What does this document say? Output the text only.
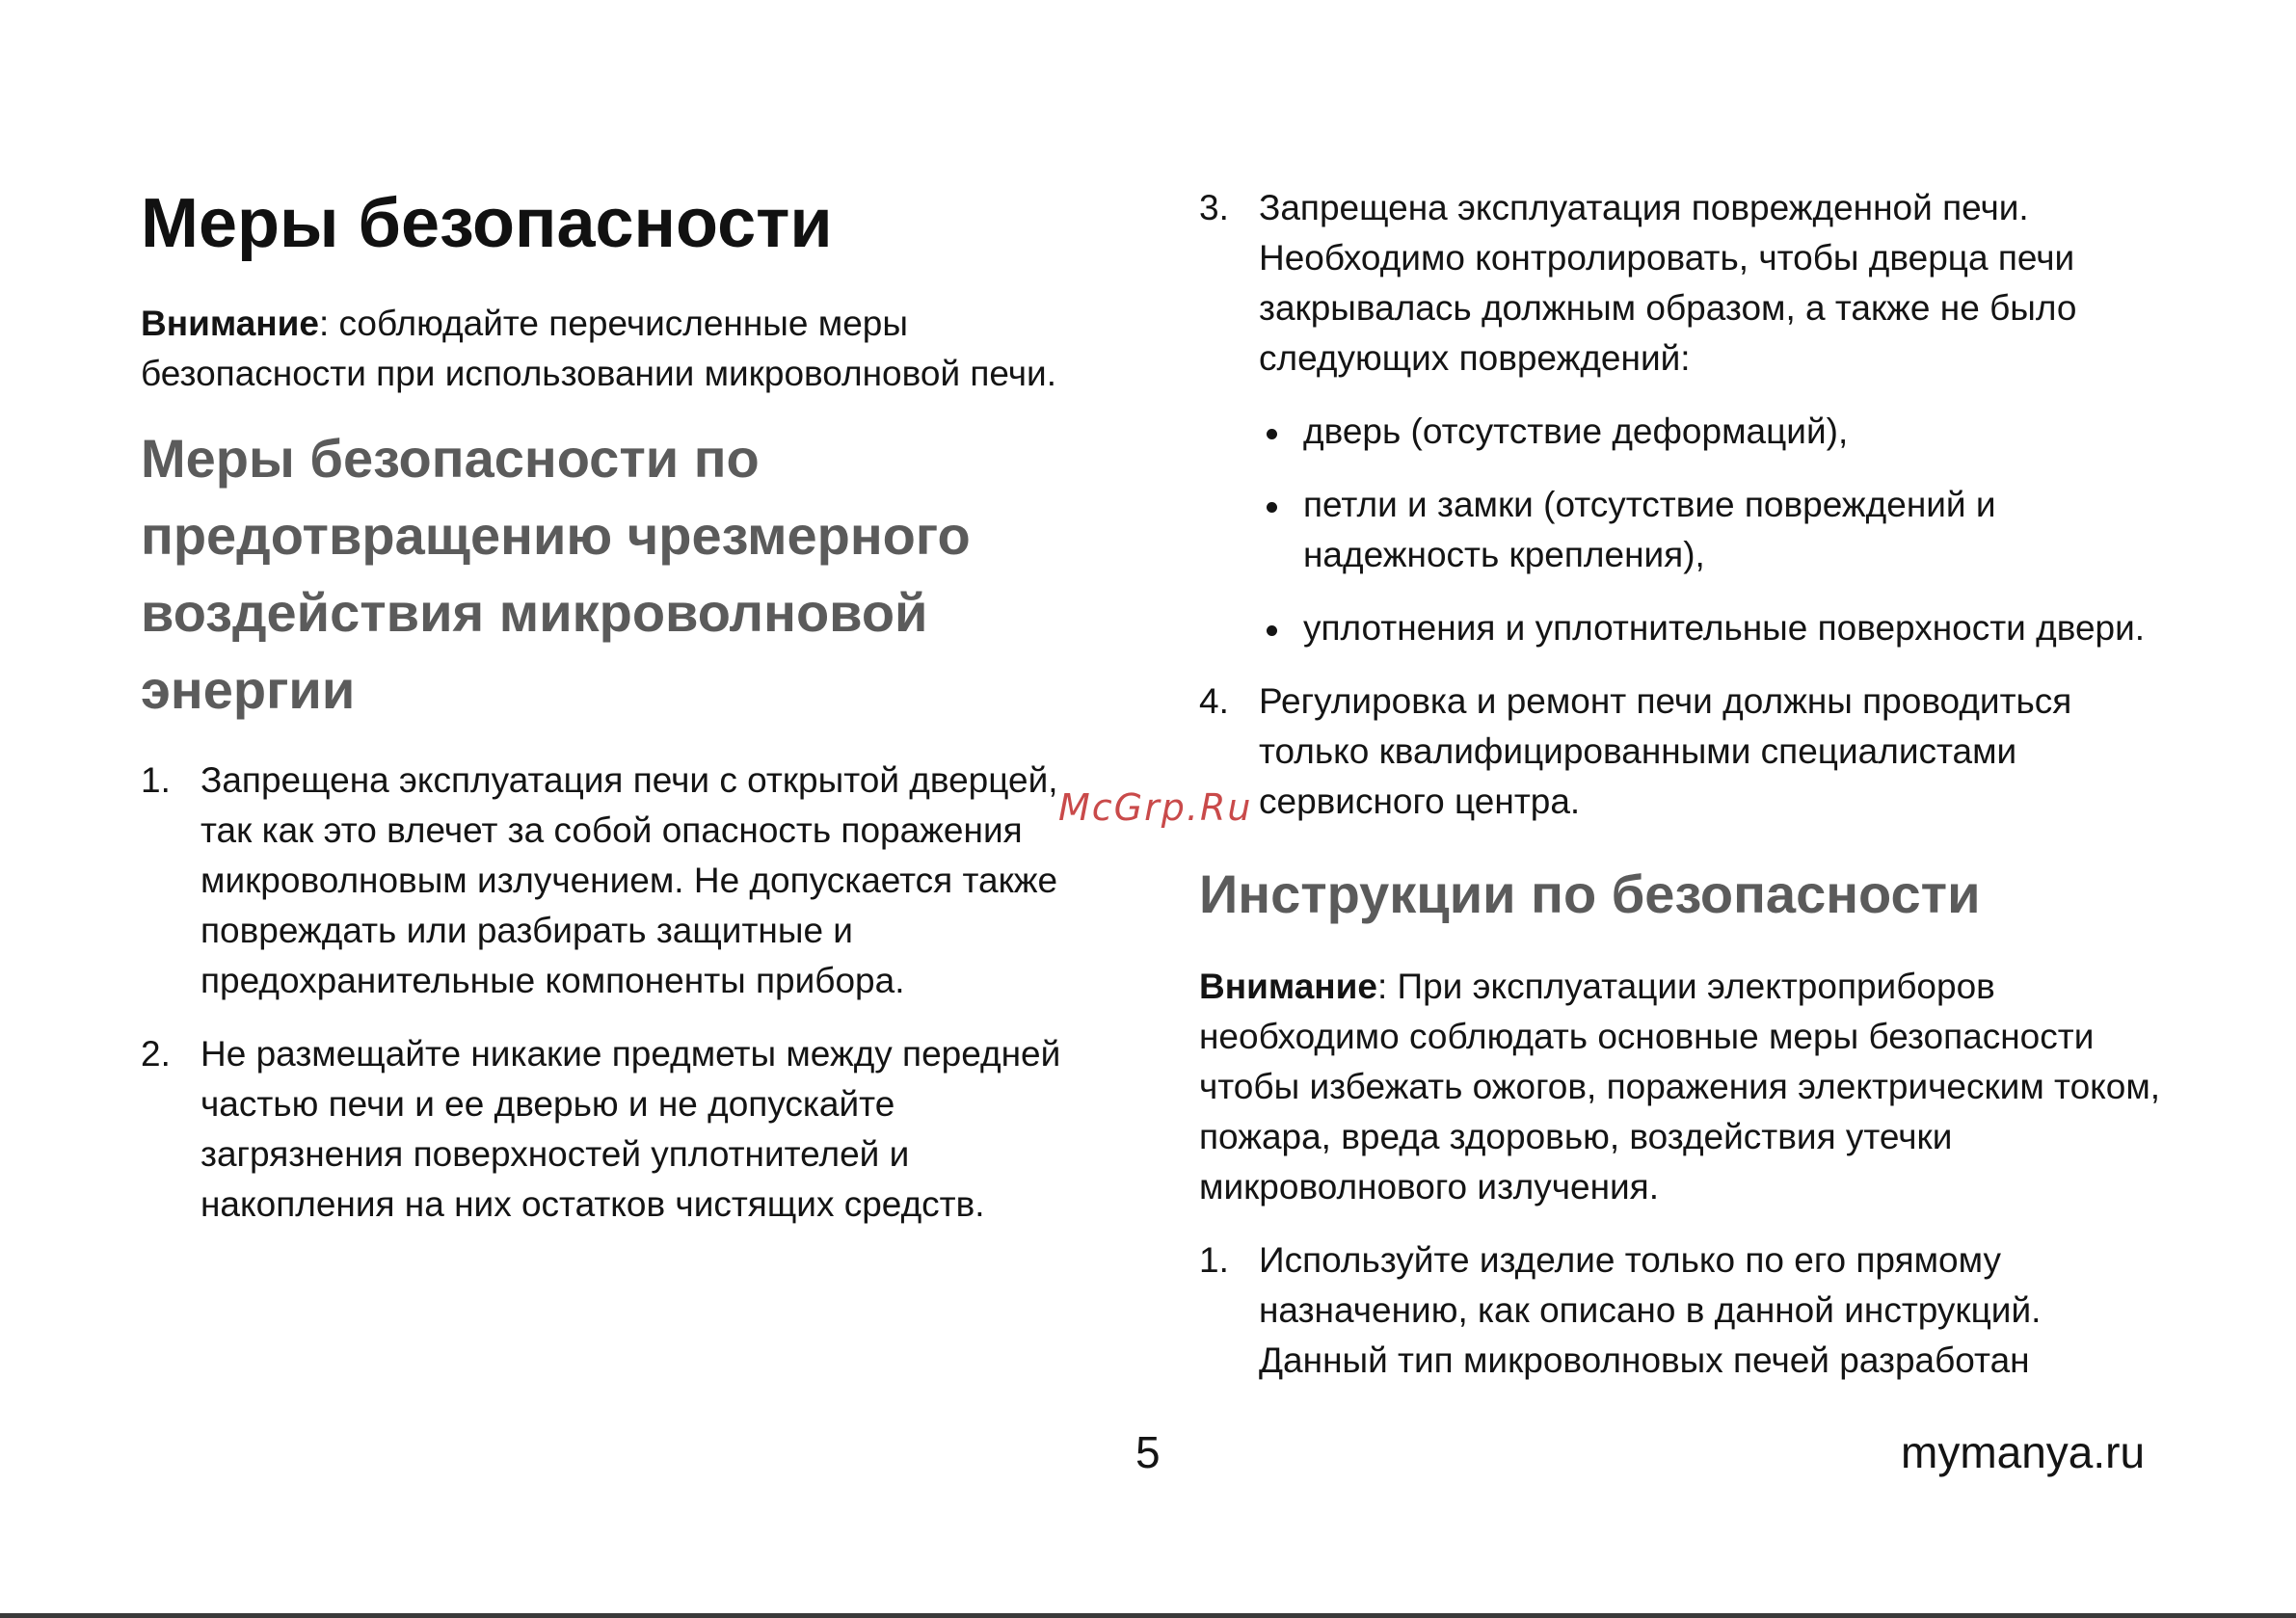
Меры безопасности

Внимание: соблюдайте перечисленные меры безопасности при использовании микроволновой печи.

Меры безопасности по предотвращению чрезмерного воздействия микроволновой энергии
1. Запрещена эксплуатация печи с открытой дверцей, так как это влечет за собой опасность поражения микроволновым излучением. Не допускается также повреждать или разбирать защитные и предохранительные компоненты прибора.
2. Не размещайте никакие предметы между передней частью печи и ее дверью и не допускайте загрязнения поверхностей уплотнителей и накопления на них остатков чистящих средств.
3. Запрещена эксплуатация поврежденной печи. Необходимо контролировать, чтобы дверца печи закрывалась должным образом, а также не было следующих повреждений:
дверь (отсутствие деформаций),
петли и замки (отсутствие повреждений и надежность крепления),
уплотнения и уплотнительные поверхности двери.
4. Регулировка и ремонт печи должны проводиться только квалифицированными специалистами сервисного центра.
Инструкции по безопасности

Внимание: При эксплуатации электроприборов необходимо соблюдать основные меры безопасности чтобы избежать ожогов, поражения электрическим током, пожара, вреда здоровью, воздействия утечки микроволнового излучения.

1. Используйте изделие только по его прямому назначению, как описано в данной инструкций. Данный тип микроволновых печей разработан
McGrp.Ru
5	mymanya.ru
